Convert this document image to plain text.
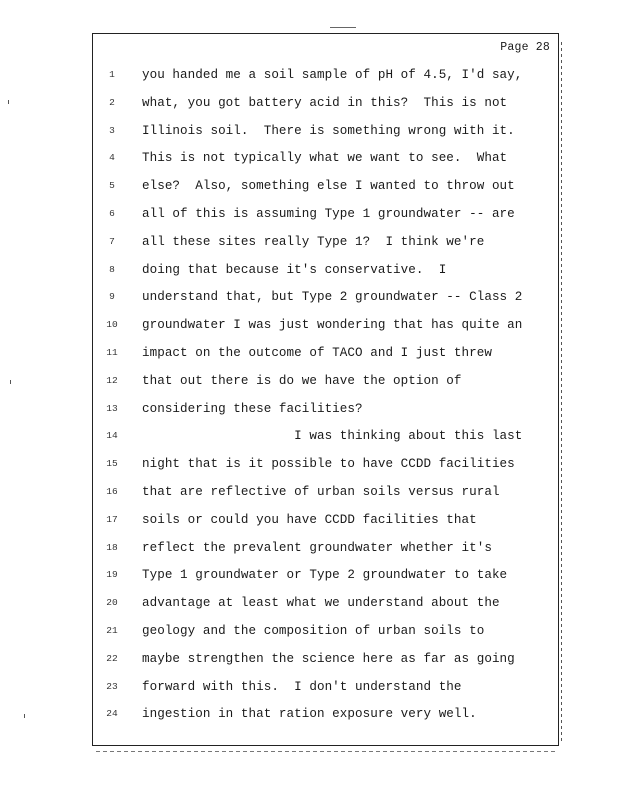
Page 28
1	you handed me a soil sample of pH of 4.5, I'd say,
2	what, you got battery acid in this?  This is not
3	Illinois soil.  There is something wrong with it.
4	This is not typically what we want to see.  What
5	else?  Also, something else I wanted to throw out
6	all of this is assuming Type 1 groundwater -- are
7	all these sites really Type 1?  I think we're
8	doing that because it's conservative.  I
9	understand that, but Type 2 groundwater -- Class 2
10	groundwater I was just wondering that has quite an
11	impact on the outcome of TACO and I just threw
12	that out there is do we have the option of
13	considering these facilities?
14	I was thinking about this last
15	night that is it possible to have CCDD facilities
16	that are reflective of urban soils versus rural
17	soils or could you have CCDD facilities that
18	reflect the prevalent groundwater whether it's
19	Type 1 groundwater or Type 2 groundwater to take
20	advantage at least what we understand about the
21	geology and the composition of urban soils to
22	maybe strengthen the science here as far as going
23	forward with this.  I don't understand the
24	ingestion in that ration exposure very well.
